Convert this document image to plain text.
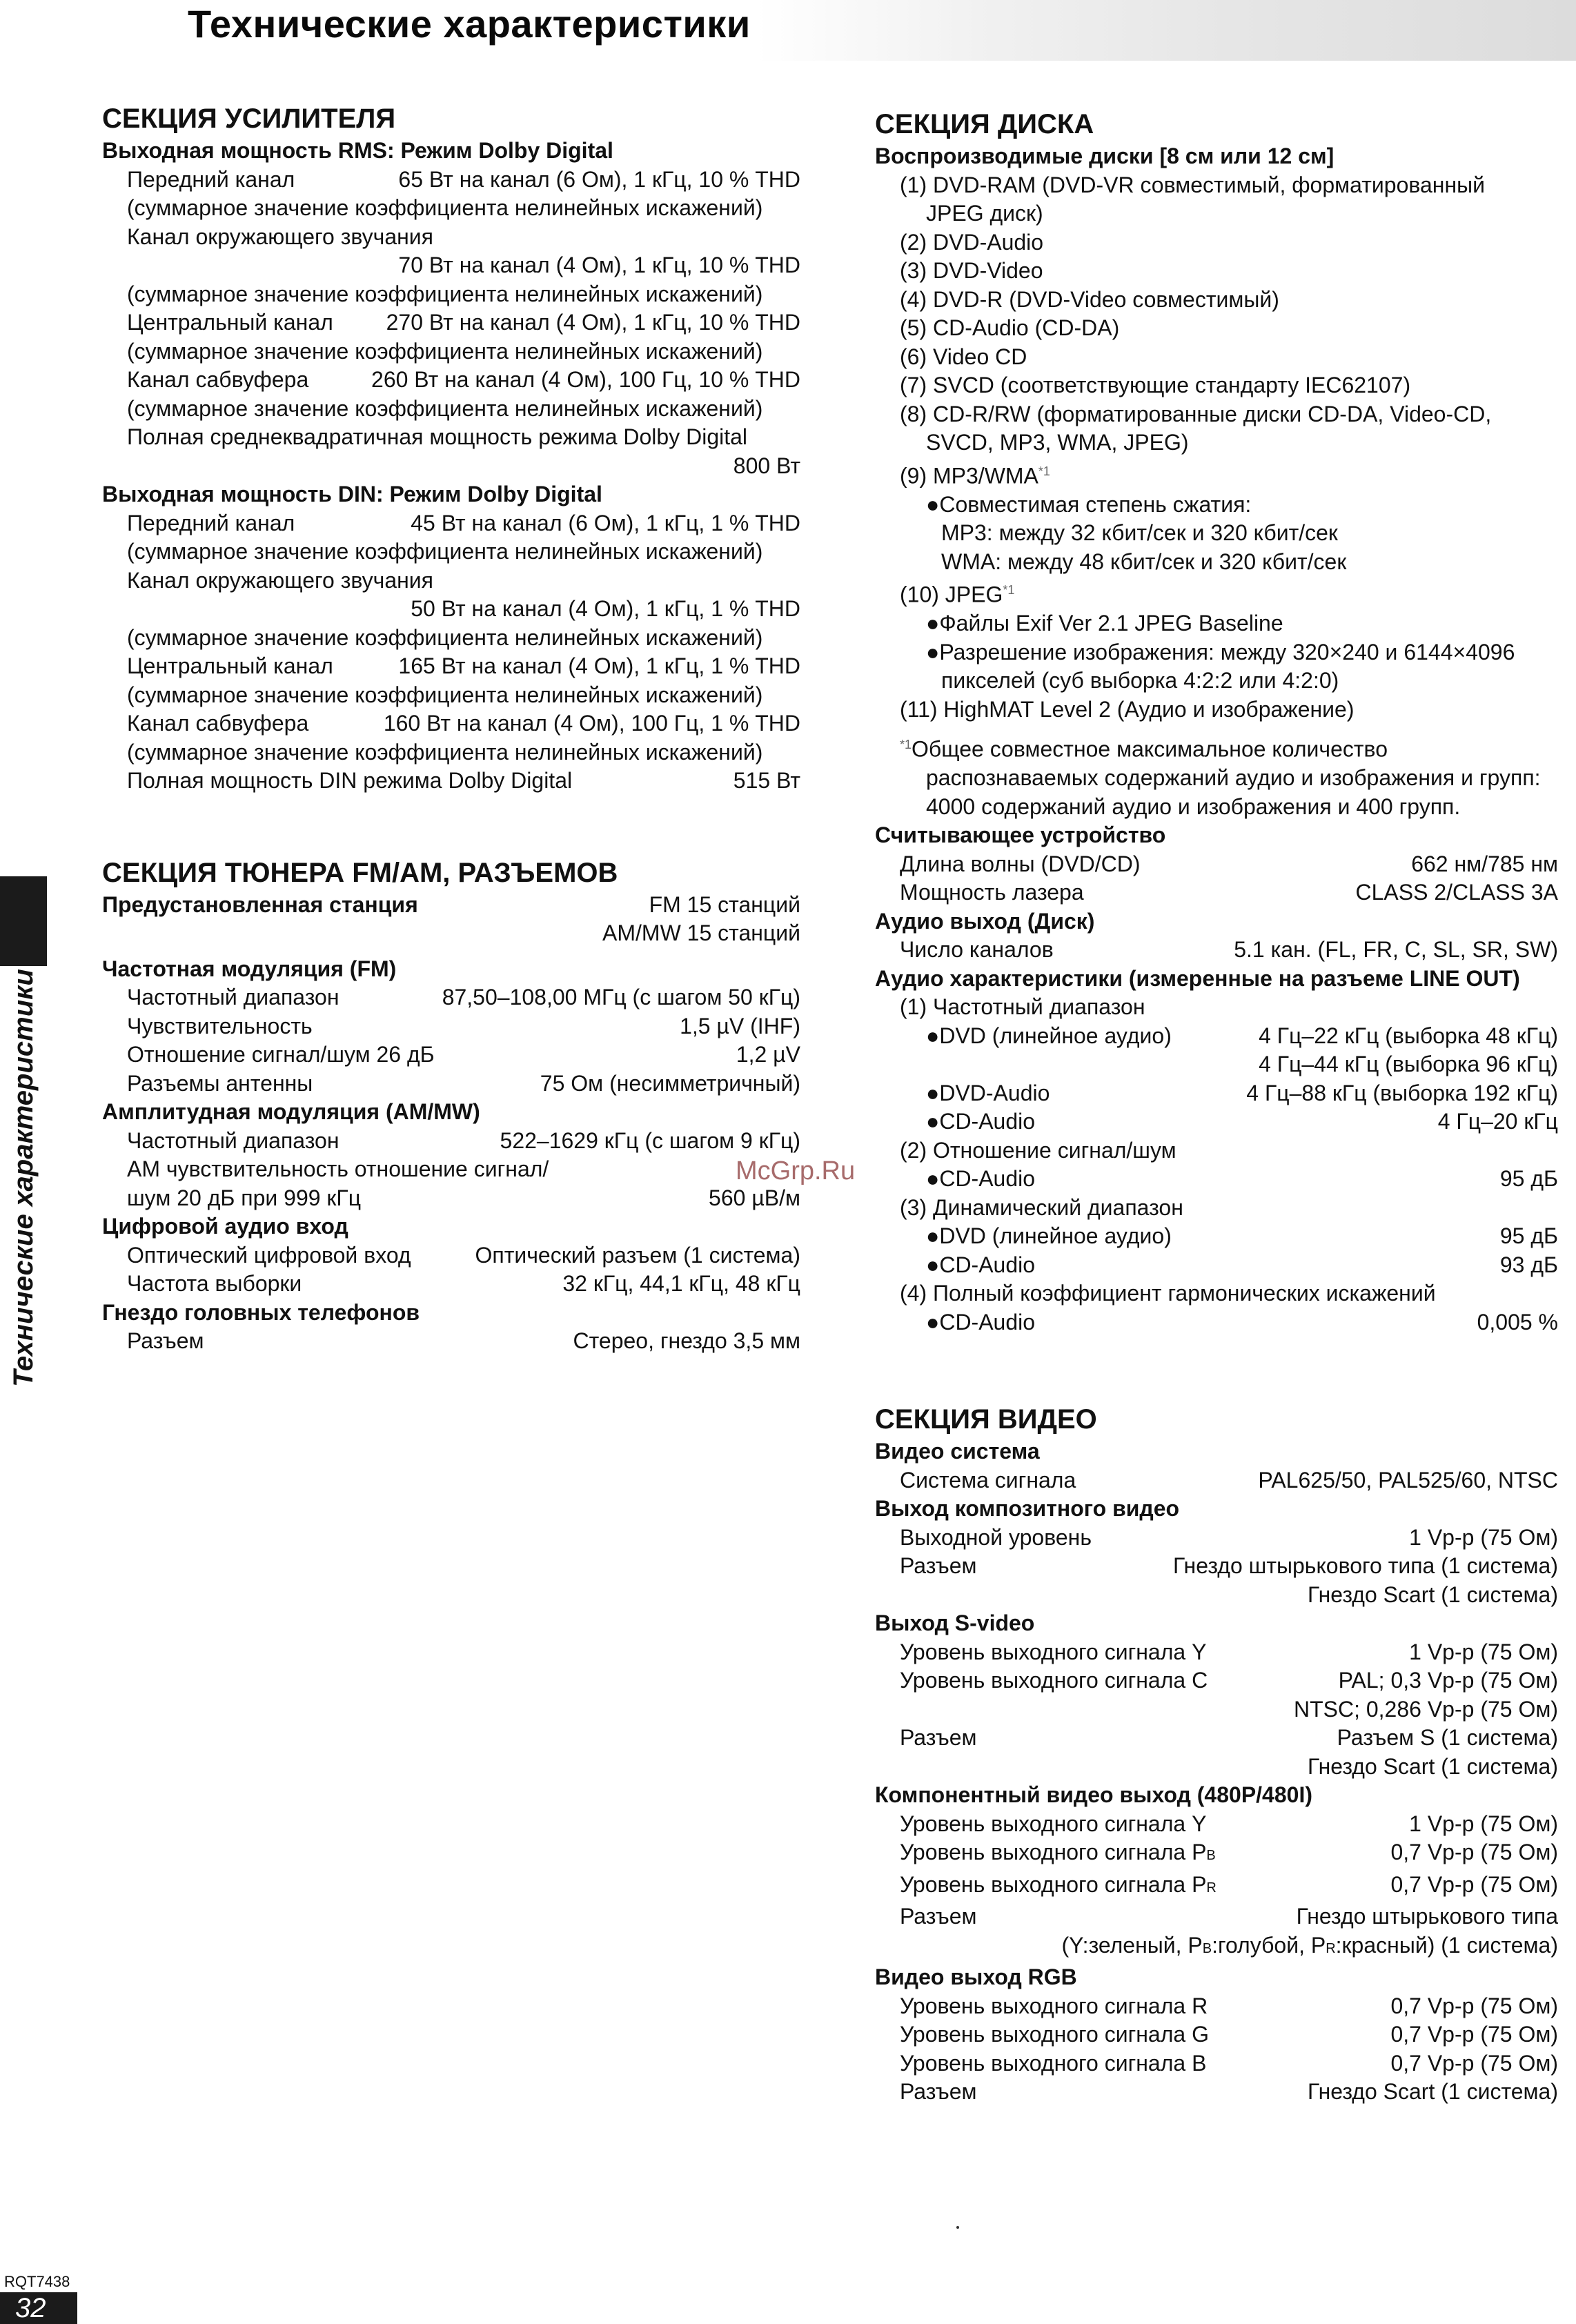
Технические характеристики
СЕКЦИЯ УСИЛИТЕЛЯ
Выходная мощность RMS: Режим Dolby Digital
Передний канал	65 Вт на канал (6 Ом), 1 кГц, 10 % THD
(суммарное значение коэффициента нелинейных искажений)
Канал окружающего звучания
70 Вт на канал (4 Ом), 1 кГц, 10 % THD
(суммарное значение коэффициента нелинейных искажений)
Центральный канал 270 Вт на канал (4 Ом), 1 кГц, 10 % THD
(суммарное значение коэффициента нелинейных искажений)
Канал сабвуфера	260 Вт на канал (4 Ом), 100 Гц, 10 % THD
(суммарное значение коэффициента нелинейных искажений)
Полная среднеквадратичная мощность режима Dolby Digital
800 Вт
Выходная мощность DIN: Режим Dolby Digital
Передний канал	45 Вт на канал (6 Ом), 1 кГц, 1 % THD
(суммарное значение коэффициента нелинейных искажений)
Канал окружающего звучания
50 Вт на канал (4 Ом), 1 кГц, 1 % THD
(суммарное значение коэффициента нелинейных искажений)
Центральный канал	165 Вт на канал (4 Ом), 1 кГц, 1 % THD
(суммарное значение коэффициента нелинейных искажений)
Канал сабвуфера	160 Вт на канал (4 Ом), 100 Гц, 1 % THD
(суммарное значение коэффициента нелинейных искажений)
Полная мощность DIN режима Dolby Digital	515 Вт
СЕКЦИЯ ТЮНЕРА FM/AM, РАЗЪЕМОВ
Предустановленная станция	FM 15 станций
AM/MW 15 станций
Частотная модуляция (FM)
Частотный диапазон	87,50–108,00 МГц (с шагом 50 кГц)
Чувствительность	1,5 µV (IHF)
Отношение сигнал/шум 26 дБ	1,2 µV
Разъемы антенны	75 Ом (несимметричный)
Амплитудная модуляция (AM/MW)
Частотный диапазон	522–1629 кГц (с шагом 9 кГц)
АМ чувствительность отношение сигнал/
шум 20 дБ при 999 кГц	560 µВ/м
Цифровой аудио вход
Оптический цифровой вход	Оптический разъем (1 система)
Частота выборки	32 кГц, 44,1 кГц, 48 кГц
Гнездо головных телефонов
Разъем	Стерео, гнездо 3,5 мм
СЕКЦИЯ ДИСКА
Воспроизводимые диски [8 см или 12 см]
(1) DVD-RAM (DVD-VR совместимый, форматированный
JPEG диск)
(2) DVD-Audio
(3) DVD-Video
(4) DVD-R (DVD-Video совместимый)
(5) CD-Audio (CD-DA)
(6) Video CD
(7) SVCD (соответствующие стандарту IEC62107)
(8) CD-R/RW (форматированные диски CD-DA, Video-CD,
SVCD, MP3, WMA, JPEG)
(9) MP3/WMA$^{*1}$
●Совместимая степень сжатия:
MP3: между 32 кбит/сек и 320 кбит/сек
WMA: между 48 кбит/сек и 320 кбит/сек
(10) JPEG$^{*1}$
●Файлы Exif Ver 2.1 JPEG Baseline
●Разрешение изображения: между 320×240 и 6144×4096
пикселей (суб выборка 4:2:2 или 4:2:0)
(11) HighMAT Level 2 (Аудио и изображение)
$^{*1}$Общее совместное максимальное количество
распознаваемых содержаний аудио и изображения и групп:
4000 содержаний аудио и изображения и 400 групп.
Считывающее устройство
Длина волны (DVD/CD)	662 нм/785 нм
Мощность лазера	CLASS 2/CLASS 3A
Аудио выход (Диск)
Число каналов	5.1 кан. (FL, FR, C, SL, SR, SW)
Аудио характеристики (измеренные на разъеме LINE OUT)
(1) Частотный диапазон
●DVD (линейное аудио)	4 Гц–22 кГц (выборка 48 кГц)
4 Гц–44 кГц (выборка 96 кГц)
●DVD-Audio	4 Гц–88 кГц (выборка 192 кГц)
●CD-Audio	4 Гц–20 кГц
(2) Отношение сигнал/шум
●CD-Audio	95 дБ
(3) Динамический диапазон
●DVD (линейное аудио)	95 дБ
●CD-Audio	93 дБ
(4) Полный коэффициент гармонических искажений
●CD-Audio	0,005 %
СЕКЦИЯ ВИДЕО
Видео система
Система сигнала	PAL625/50, PAL525/60, NTSC
Выход композитного видео
Выходной уровень	1 Vp-p (75 Ом)
Разъем	Гнездо штырькового типа (1 система)
Гнездо Scart (1 система)
Выход S-video
Уровень выходного сигнала Y	1 Vp-p (75 Ом)
Уровень выходного сигнала С	PAL; 0,3 Vp-p (75 Ом)
NTSC; 0,286 Vp-p (75 Ом)
Разъем	Разъем S (1 система)
Гнездо Scart (1 система)
Компонентный видео выход (480P/480I)
Уровень выходного сигнала Y	1 Vp-p (75 Ом)
Уровень выходного сигнала PB	0,7 Vp-p (75 Ом)
Уровень выходного сигнала PR	0,7 Vp-p (75 Ом)
Разъем	Гнездо штырькового типа
(Y:зеленый, PB:голубой, PR:красный) (1 система)
Видео выход RGB
Уровень выходного сигнала R	0,7 Vp-p (75 Ом)
Уровень выходного сигнала G	0,7 Vp-p (75 Ом)
Уровень выходного сигнала B	0,7 Vp-p (75 Ом)
Разъем	Гнездо Scart (1 система)
Технические характеристики	McGrp.Ru
RQT7438
32
